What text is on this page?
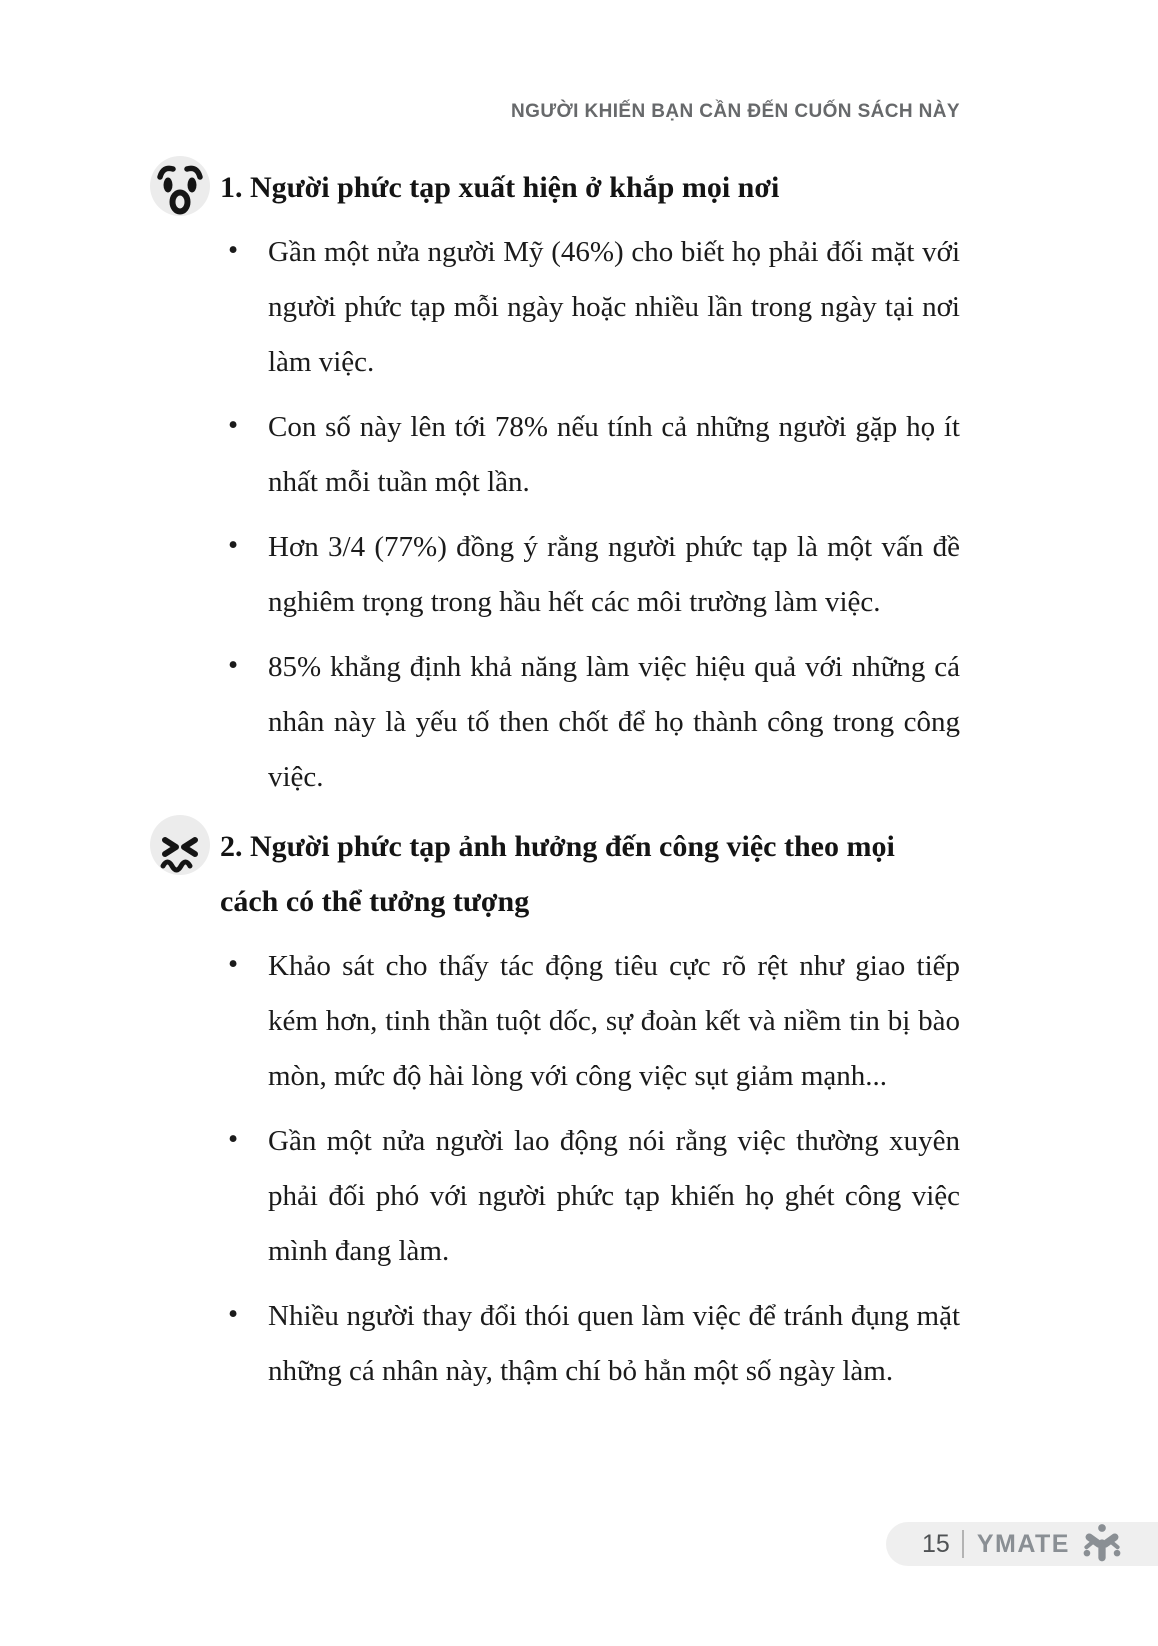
NGƯỜI KHIẾN BẠN CẦN ĐẾN CUỐN SÁCH NÀY
1. Người phức tạp xuất hiện ở khắp mọi nơi
• Gần một nửa người Mỹ (46%) cho biết họ phải đối mặt với người phức tạp mỗi ngày hoặc nhiều lần trong ngày tại nơi làm việc.
• Con số này lên tới 78% nếu tính cả những người gặp họ ít nhất mỗi tuần một lần.
• Hơn 3/4 (77%) đồng ý rằng người phức tạp là một vấn đề nghiêm trọng trong hầu hết các môi trường làm việc.
• 85% khẳng định khả năng làm việc hiệu quả với những cá nhân này là yếu tố then chốt để họ thành công trong công việc.
2. Người phức tạp ảnh hưởng đến công việc theo mọi cách có thể tưởng tượng
• Khảo sát cho thấy tác động tiêu cực rõ rệt như giao tiếp kém hơn, tinh thần tuột dốc, sự đoàn kết và niềm tin bị bào mòn, mức độ hài lòng với công việc sụt giảm mạnh...
• Gần một nửa người lao động nói rằng việc thường xuyên phải đối phó với người phức tạp khiến họ ghét công việc mình đang làm.
• Nhiều người thay đổi thói quen làm việc để tránh đụng mặt những cá nhân này, thậm chí bỏ hẳn một số ngày làm.
15 YMATE
